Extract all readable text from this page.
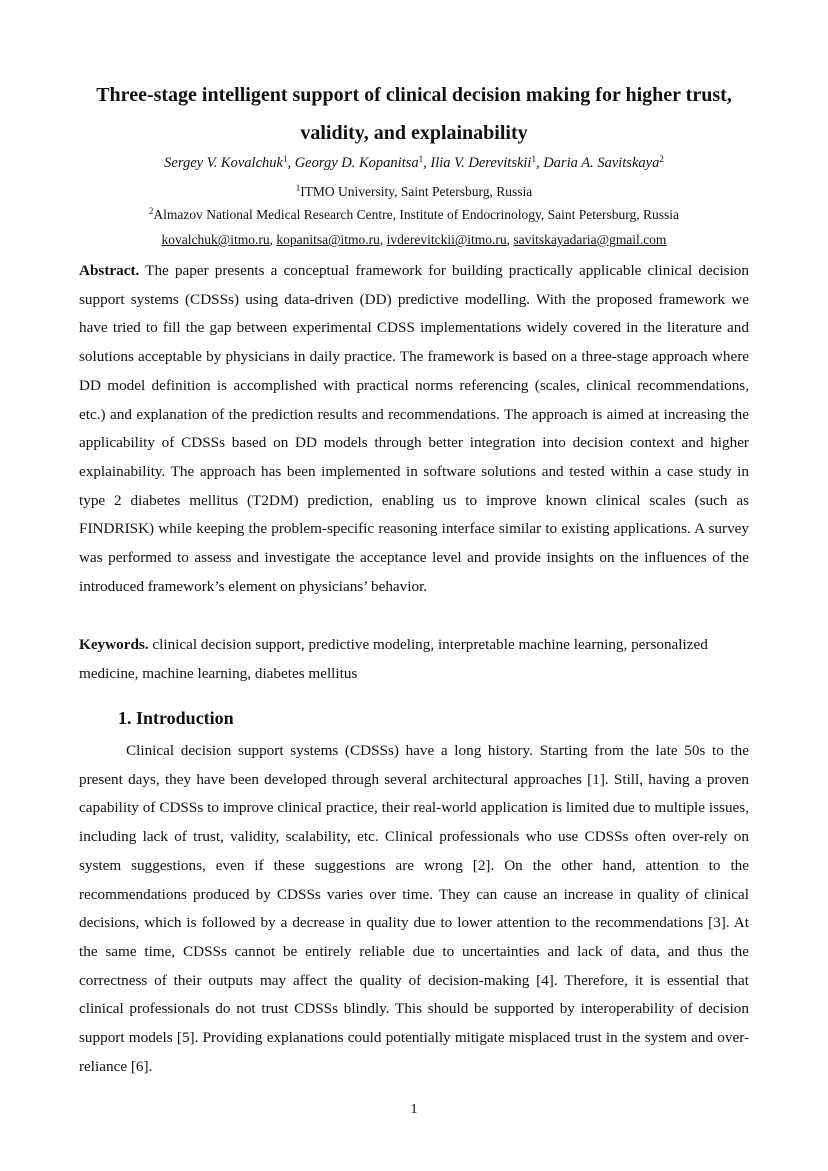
Three-stage intelligent support of clinical decision making for higher trust, validity, and explainability
Sergey V. Kovalchuk$^1$, Georgy D. Kopanitsa$^1$, Ilia V. Derevitskii$^1$, Daria A. Savitskaya$^2$
$^1$ITMO University, Saint Petersburg, Russia
$^2$Almazov National Medical Research Centre, Institute of Endocrinology, Saint Petersburg, Russia
kovalchuk@itmo.ru, kopanitsa@itmo.ru, ivderevitckii@itmo.ru, savitskayadaria@gmail.com
Abstract. The paper presents a conceptual framework for building practically applicable clinical decision support systems (CDSSs) using data-driven (DD) predictive modelling. With the proposed framework we have tried to fill the gap between experimental CDSS implementations widely covered in the literature and solutions acceptable by physicians in daily practice. The framework is based on a three-stage approach where DD model definition is accomplished with practical norms referencing (scales, clinical recommendations, etc.) and explanation of the prediction results and recommendations. The approach is aimed at increasing the applicability of CDSSs based on DD models through better integration into decision context and higher explainability. The approach has been implemented in software solutions and tested within a case study in type 2 diabetes mellitus (T2DM) prediction, enabling us to improve known clinical scales (such as FINDRISK) while keeping the problem-specific reasoning interface similar to existing applications. A survey was performed to assess and investigate the acceptance level and provide insights on the influences of the introduced framework’s element on physicians’ behavior.
Keywords. clinical decision support, predictive modeling, interpretable machine learning, personalized medicine, machine learning, diabetes mellitus
1. Introduction
Clinical decision support systems (CDSSs) have a long history. Starting from the late 50s to the present days, they have been developed through several architectural approaches [1]. Still, having a proven capability of CDSSs to improve clinical practice, their real-world application is limited due to multiple issues, including lack of trust, validity, scalability, etc. Clinical professionals who use CDSSs often over-rely on system suggestions, even if these suggestions are wrong [2]. On the other hand, attention to the recommendations produced by CDSSs varies over time. They can cause an increase in quality of clinical decisions, which is followed by a decrease in quality due to lower attention to the recommendations [3]. At the same time, CDSSs cannot be entirely reliable due to uncertainties and lack of data, and thus the correctness of their outputs may affect the quality of decision-making [4]. Therefore, it is essential that clinical professionals do not trust CDSSs blindly. This should be supported by interoperability of decision support models [5]. Providing explanations could potentially mitigate misplaced trust in the system and over-reliance [6].
1
